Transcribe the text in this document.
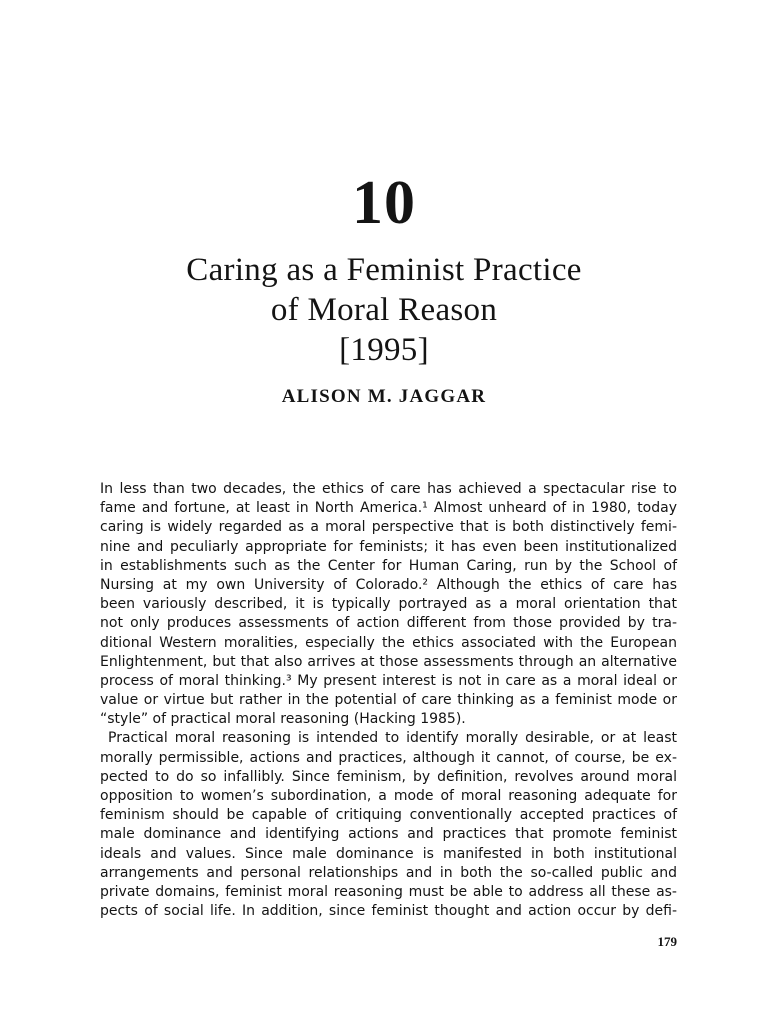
10
Caring as a Feminist Practice
of Moral Reason
[1995]
ALISON M. JAGGAR
In less than two decades, the ethics of care has achieved a spectacular rise to
fame and fortune, at least in North America.¹ Almost unheard of in 1980, today
caring is widely regarded as a moral perspective that is both distinctively femi-
nine and peculiarly appropriate for feminists; it has even been institutionalized
in establishments such as the Center for Human Caring, run by the School of
Nursing at my own University of Colorado.² Although the ethics of care has
been variously described, it is typically portrayed as a moral orientation that
not only produces assessments of action different from those provided by tra-
ditional Western moralities, especially the ethics associated with the European
Enlightenment, but that also arrives at those assessments through an alternative
process of moral thinking.³ My present interest is not in care as a moral ideal or
value or virtue but rather in the potential of care thinking as a feminist mode or
“style” of practical moral reasoning (Hacking 1985).
Practical moral reasoning is intended to identify morally desirable, or at least
morally permissible, actions and practices, although it cannot, of course, be ex-
pected to do so infallibly. Since feminism, by definition, revolves around moral
opposition to women’s subordination, a mode of moral reasoning adequate for
feminism should be capable of critiquing conventionally accepted practices of
male dominance and identifying actions and practices that promote feminist
ideals and values. Since male dominance is manifested in both institutional
arrangements and personal relationships and in both the so-called public and
private domains, feminist moral reasoning must be able to address all these as-
pects of social life. In addition, since feminist thought and action occur by defi-
179
